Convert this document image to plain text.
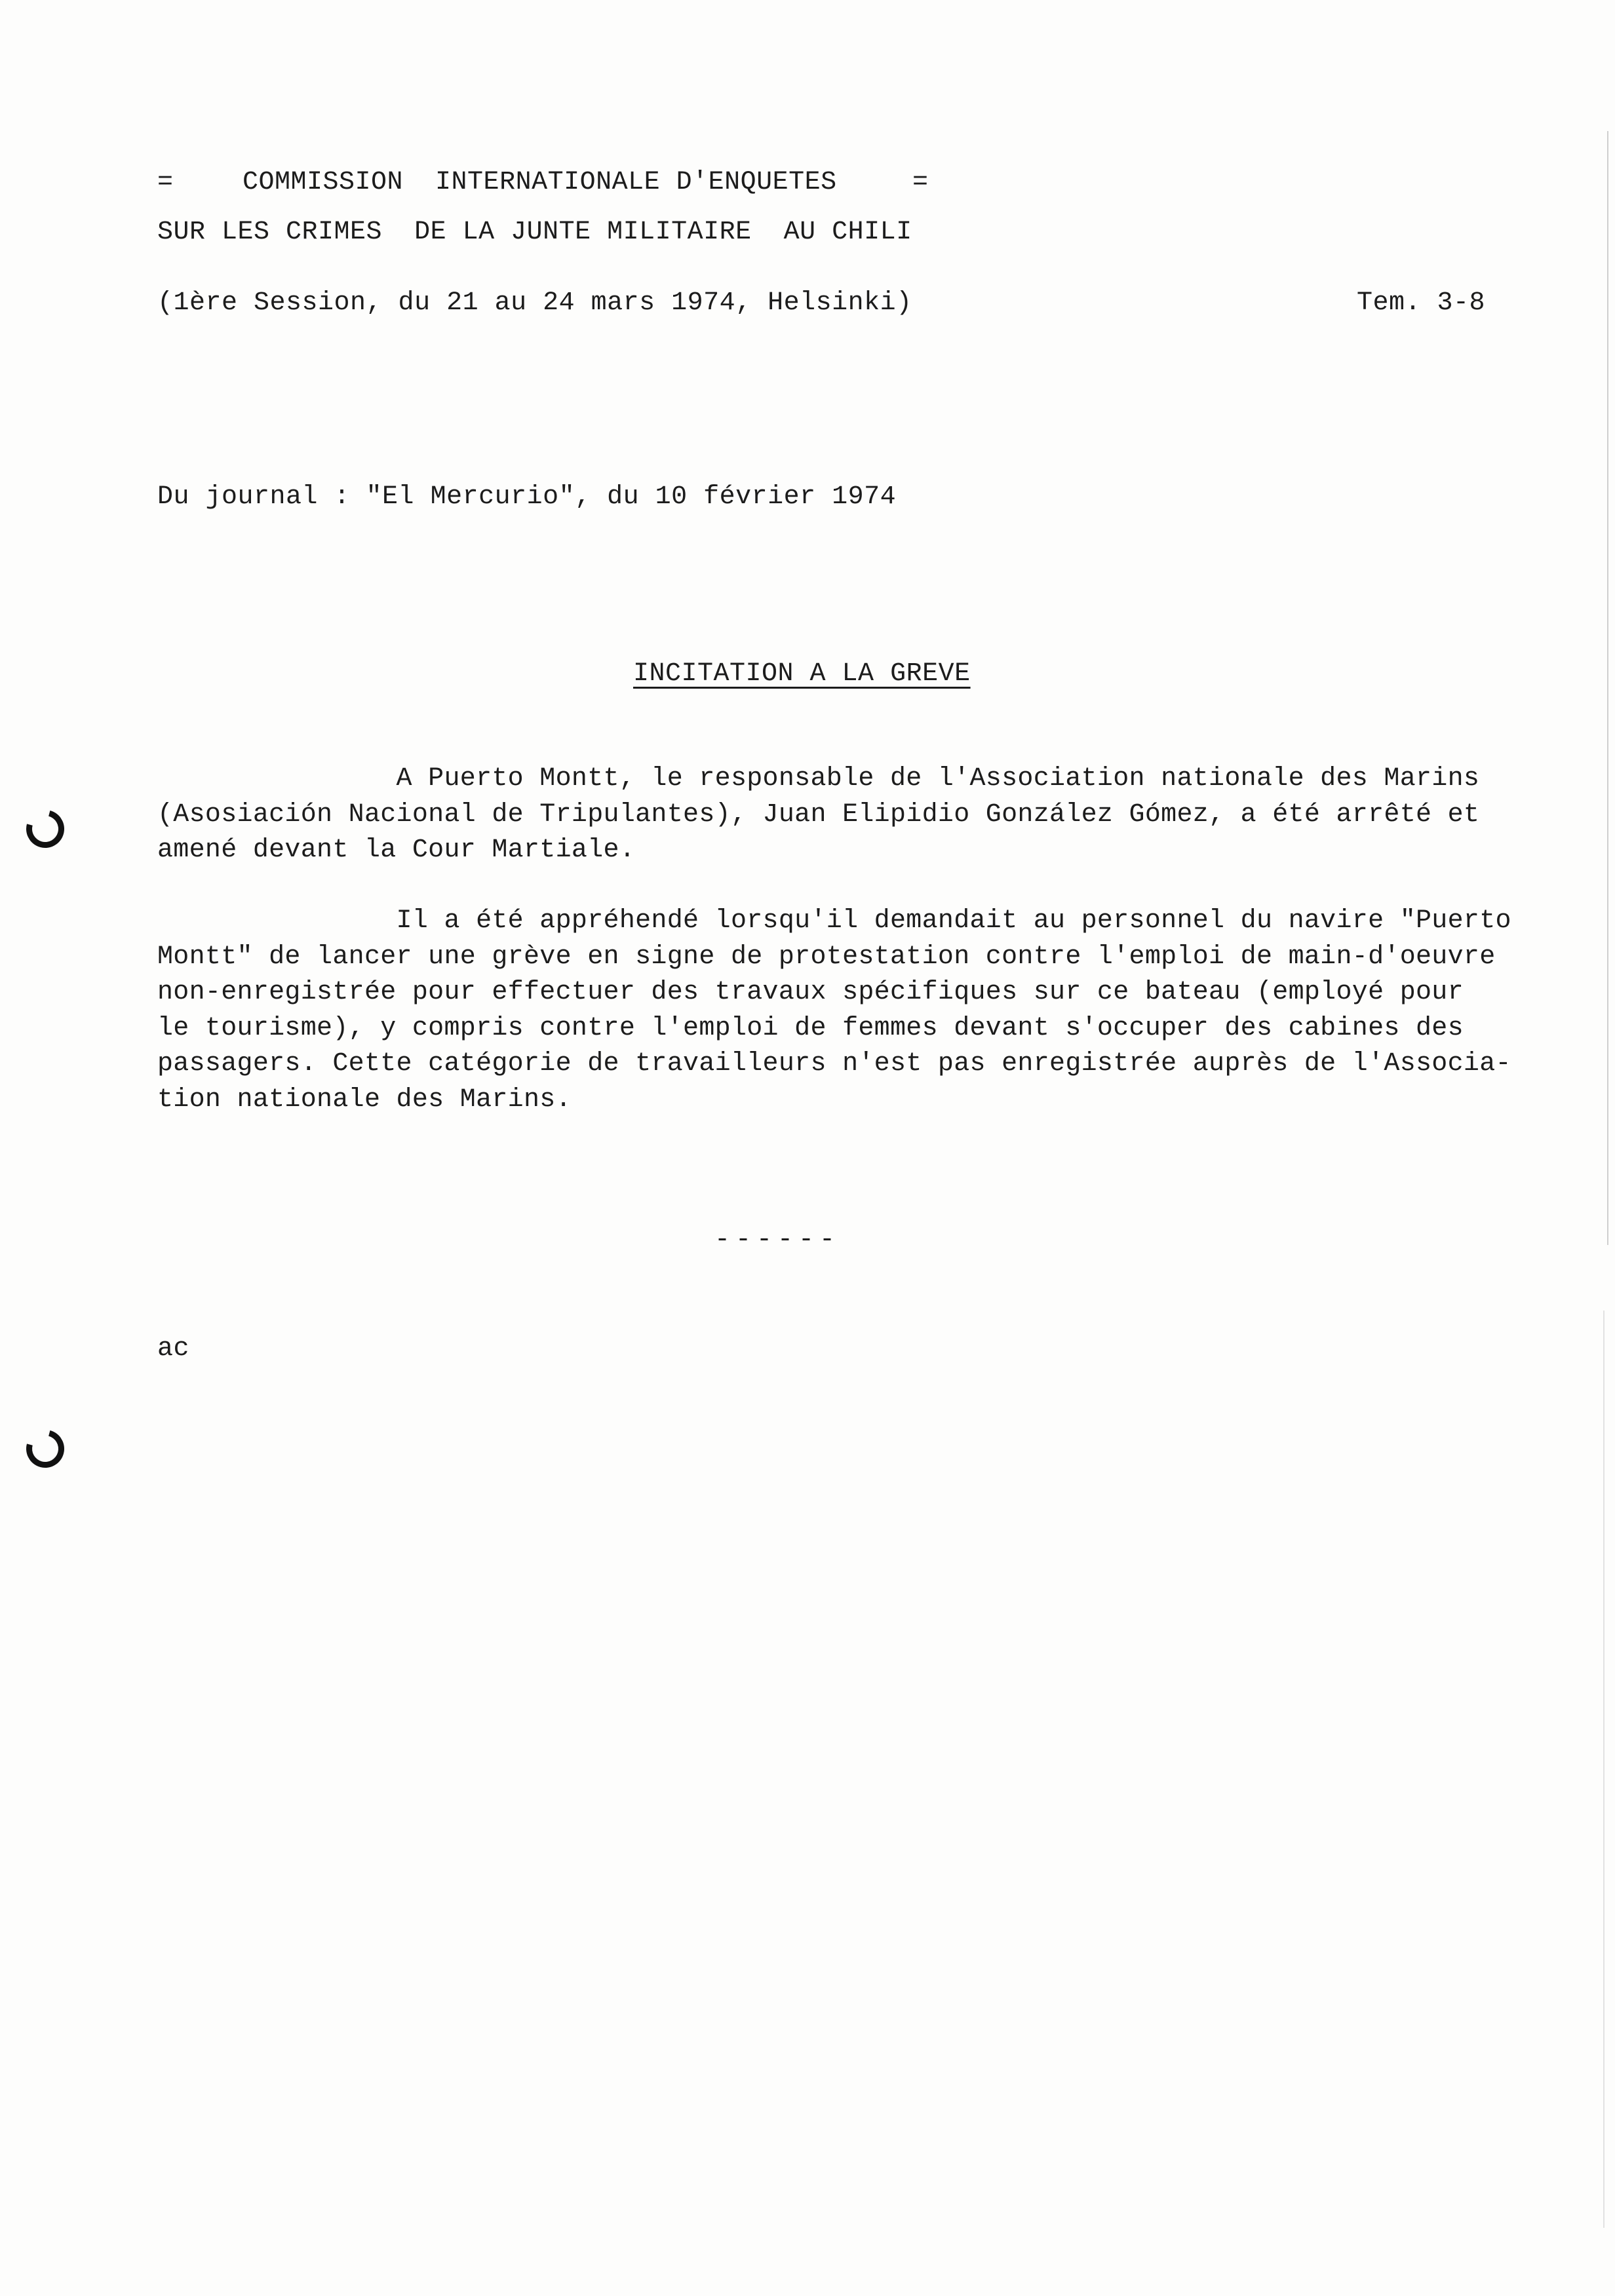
=	COMMISSION  INTERNATIONALE D'ENQUETES	=
SUR LES CRIMES  DE LA JUNTE MILITAIRE  AU CHILI
(1ère Session, du 21 au 24 mars 1974, Helsinki)	Tem. 3-8
Du journal : "El Mercurio", du 10 février 1974
INCITATION A LA GREVE
A Puerto Montt, le responsable de l'Association nationale des Marins
(Asosiación Nacional de Tripulantes), Juan Elipidio González Gómez, a été arrêté et
amené devant la Cour Martiale.
Il a été appréhendé lorsqu'il demandait au personnel du navire "Puerto
Montt" de lancer une grève en signe de protestation contre l'emploi de main-d'oeuvre
non-enregistrée pour effectuer des travaux spécifiques sur ce bateau (employé pour
le tourisme), y compris contre l'emploi de femmes devant s'occuper des cabines des
passagers. Cette catégorie de travailleurs n'est pas enregistrée auprès de l'Associa-
tion nationale des Marins.
------
ac
